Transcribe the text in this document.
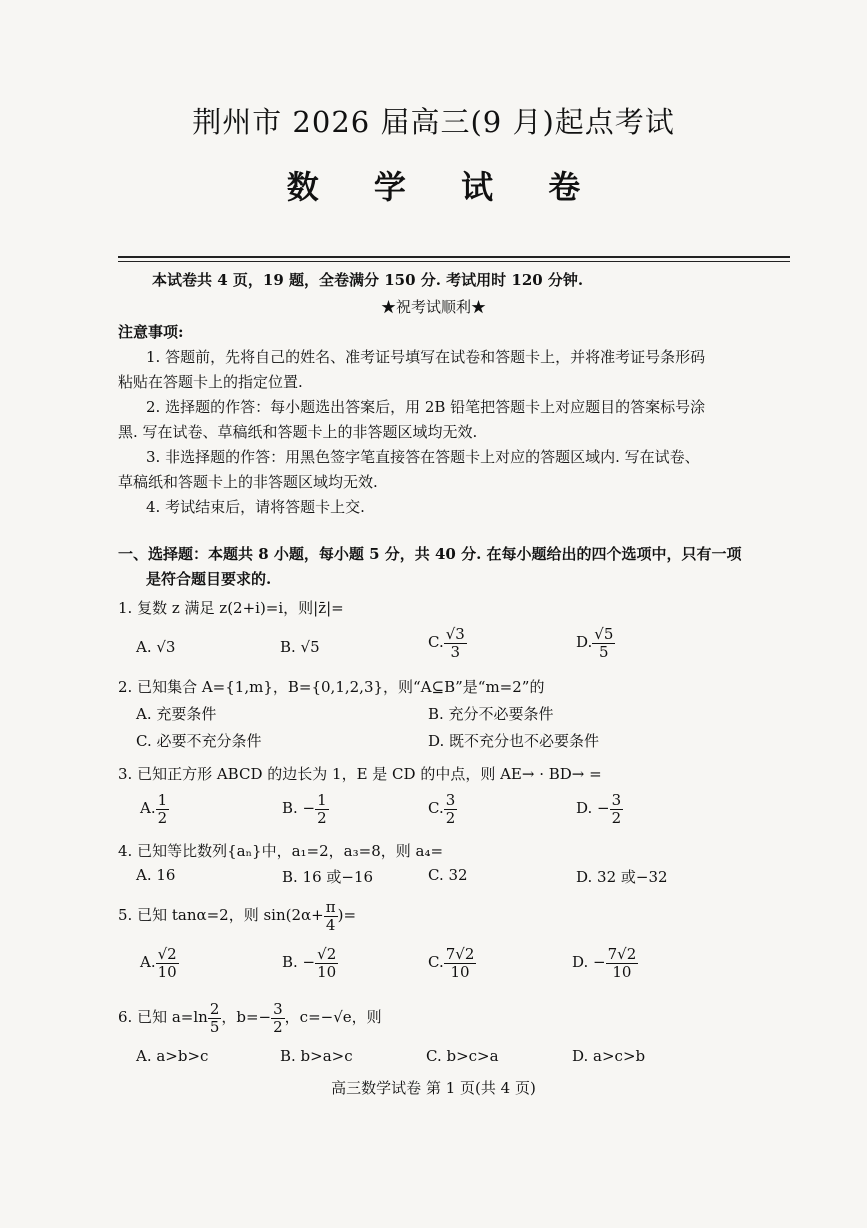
荆州市 2026 届高三(9 月)起点考试
数 学 试 卷
本试卷共 4 页，19 题，全卷满分 150 分. 考试用时 120 分钟.
★祝考试顺利★
注意事项:
1. 答题前，先将自己的姓名、准考证号填写在试卷和答题卡上，并将准考证号条形码
粘贴在答题卡上的指定位置.
2. 选择题的作答：每小题选出答案后，用 2B 铅笔把答题卡上对应题目的答案标号涂
黑. 写在试卷、草稿纸和答题卡上的非答题区域均无效.
3. 非选择题的作答：用黑色签字笔直接答在答题卡上对应的答题区域内. 写在试卷、
草稿纸和答题卡上的非答题区域均无效.
4. 考试结束后，请将答题卡上交.
一、选择题：本题共 8 小题，每小题 5 分，共 40 分. 在每小题给出的四个选项中，只有一项
是符合题目要求的.
1. 复数 z 满足 z(2+i)=i，则|z̄|=
A. √3	B. √5	C. $\frac{√3}{3}$	D. $\frac{√5}{5}$
2. 已知集合 A={1,m}，B={0,1,2,3}，则“A⊆B”是“m=2”的
A. 充要条件	B. 充分不必要条件
C. 必要不充分条件	D. 既不充分也不必要条件
3. 已知正方形 ABCD 的边长为 1，E 是 CD 的中点，则 AE→ · BD→ =
A. $\frac{1}{2}$	B. − $\frac{1}{2}$	C. $\frac{3}{2}$	D. − $\frac{3}{2}$
4. 已知等比数列{aₙ}中，a₁=2，a₃=8，则 a₄=
A. 16	B. 16 或−16	C. 32	D. 32 或−32
5. 已知 tanα=2，则 $\sin(2\alpha+ \frac{\pi}{4}$ )=
A. $\frac{√2}{10}$	B. − $\frac{√2}{10}$	C. $\frac{7√2}{10}$	D. − $\frac{7√2}{10}$
6. 已知 $a=\ln \frac{2}{5}$ ，$b=- \frac{3}{2}$ ，c=−√e，则
A. a>b>c	B. b>a>c	C. b>c>a	D. a>c>b
高三数学试卷 第 1 页(共 4 页)
